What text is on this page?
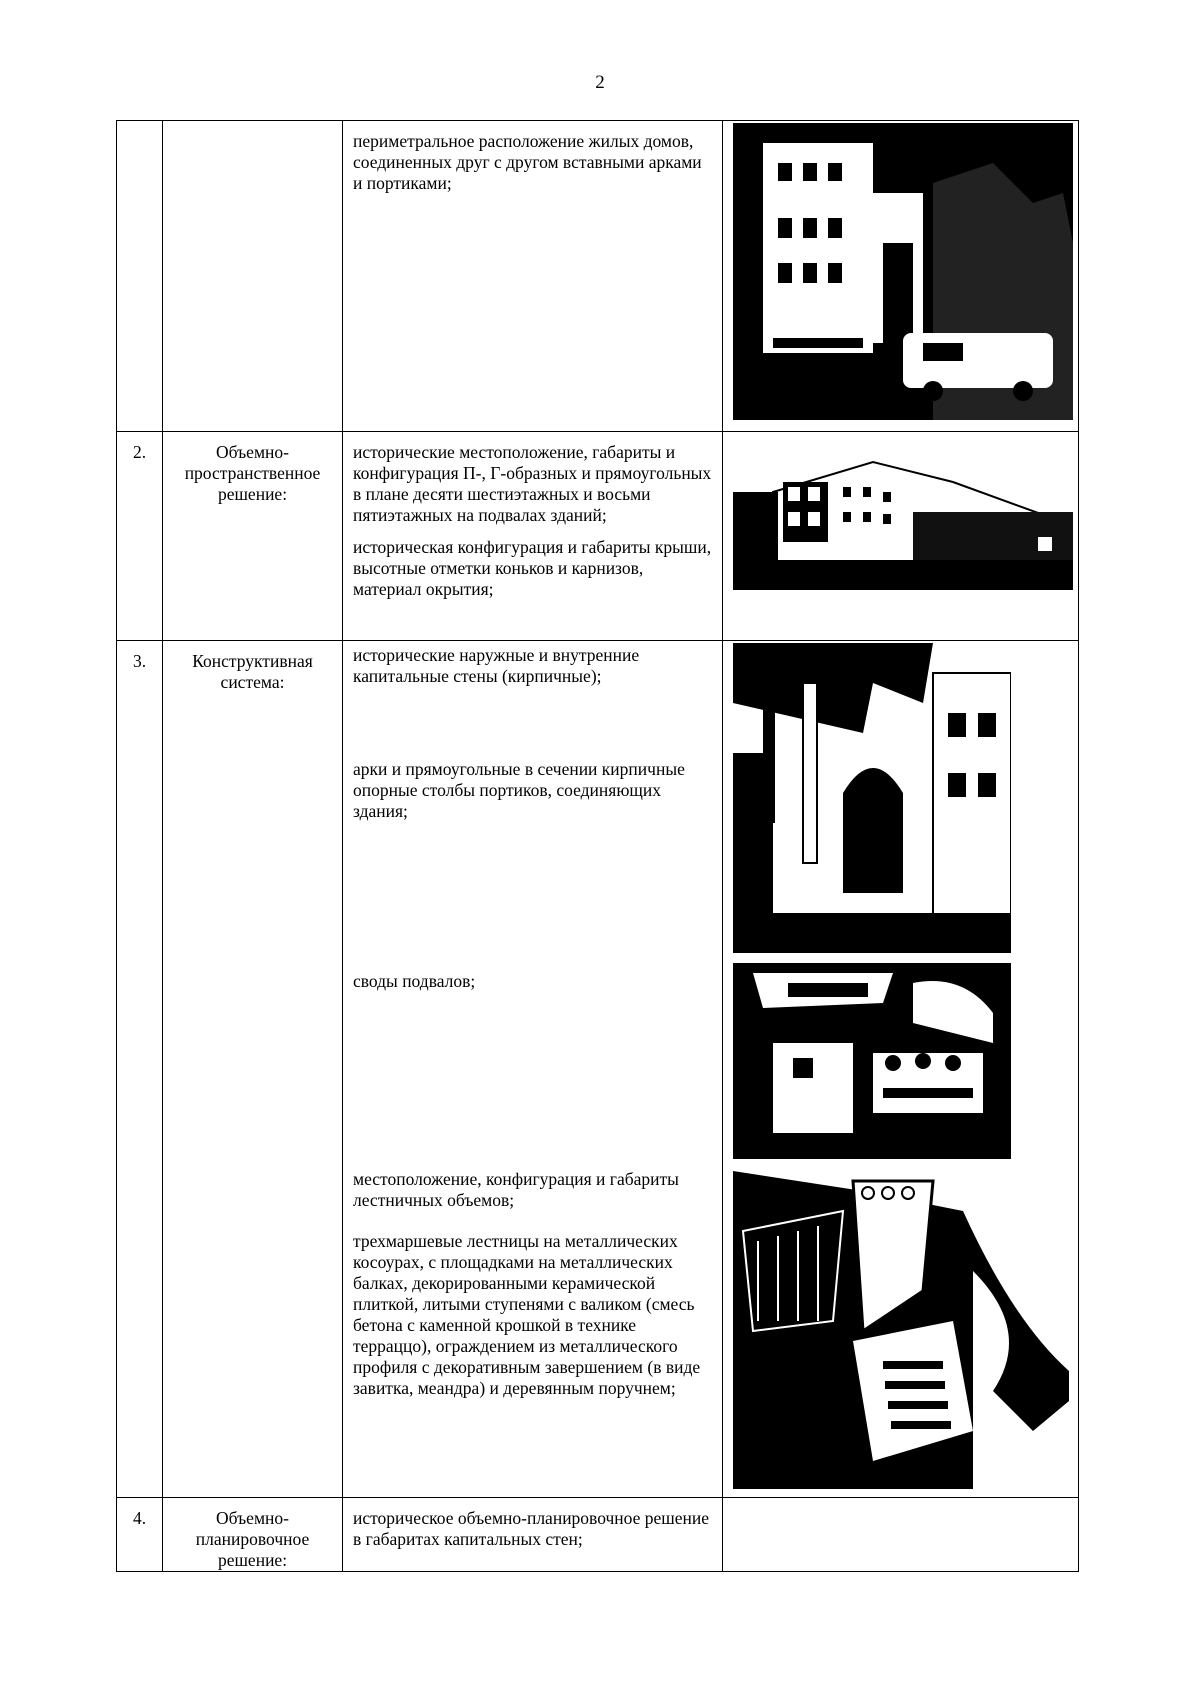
2

		периметральное расположение жилых домов, соединенных друг с другом вставными арками и портиками;

2.	Объемно-пространственное решение:	исторические местоположение, габариты и конфигурация П-, Г-образных и прямоугольных в плане десяти шестиэтажных и восьми пятиэтажных на подвалах зданий;

историческая конфигурация и габариты крыши, высотные отметки коньков и карнизов, материал окрытия;

3.	Конструктивная система:	исторические наружные и внутренние капитальные стены (кирпичные);

арки и прямоугольные в сечении кирпичные опорные столбы портиков, соединяющих здания;

своды подвалов;

местоположение, конфигурация и габариты лестничных объемов;

трехмаршевые лестницы на металлических косоурах, с площадками на металлических балках, декорированными керамической плиткой, литыми ступенями с валиком (смесь бетона с каменной крошкой в технике терраццо), ограждением из металлического профиля с декоративным завершением (в виде завитка, меандра) и деревянным поручнем;

4.	Объемно-планировочное решение:	историческое объемно-планировочное решение в габаритах капитальных стен;	
